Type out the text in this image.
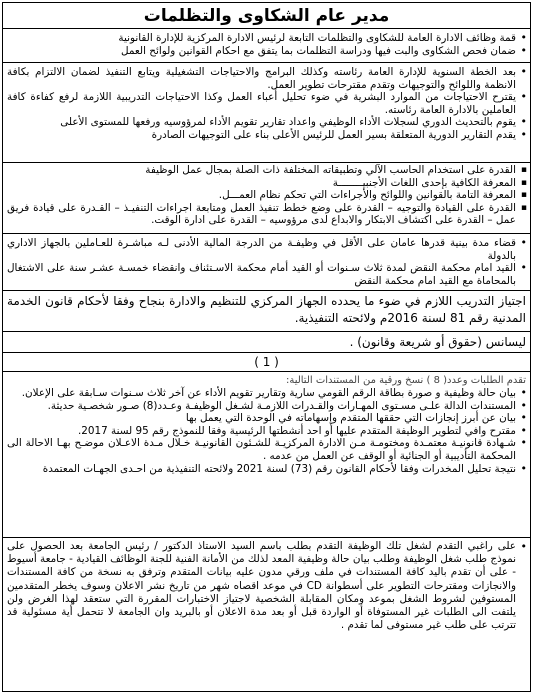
مدير عام الشكاوى والتظلمات
• قمة وظائف الادارة العامة للشكاوى والتظلمات التابعة لرئيس الادارة المركزية للإدارة القانونية
• ضمان فحص الشكاوى والبت فيها ودراسة التظلمات بما يتفق مع احكام القوانين ولوائح العمل
• بعد الخطة السنوية للإدارة العامة رئاسته وكذلك البرامج والاحتياجات التشغيلية ويتابع التنفيذ لضمان الالتزام بكافة الانظمة واللوائح والتوجيهات وتقدم مقترحات تطوير العمل.
• يقترح الاحتياجات من الموارد البشرية في ضوء تحليل أعباء العمل وكذا الاحتياجات التدريبية اللازمة لرفع كفاءة كافة العاملين بالادارة العامة رئاسته.
• يقوم بالتحديث الدوري لسجلات الأداء الوظيفي واعداد تقارير تقويم الأداء لمرؤوسيه ورفعها للمستوى الأعلى
• يقدم التقارير الدورية المتعلقة بسير العمل للرئيس الأعلى بناء على التوجيهات الصادرة
▪ القدرة على استخدام الحاسب الآلي وتطبيقاته المختلفة ذات الصلة بمجال عمل الوظيفة
▪ المعرفة الكافية بإحدى اللغات الأجنبيــــــــة
▪ المعرفة التامة بالقوانين واللوائح والأجراءات التي تحكم نظام العمـــل.
▪ القدرة على القيادة والتوجيه – القدرة على وضع خطط تنفيذ العمل ومتابعة اجراءات التنفيـذ – القـدرة على قيادة فريق عمل – القدرة على اكتشاف الابتكار والابداع لدى مرؤوسيه – القدرة على ادارة الوقت.
• قضاء مدة بينية قدرها عامان على الأقل في وظيفـة من الدرجة المالية الأدنى لـه مباشـرة للعـاملين بالجهاز الاداري بالدولة
• القيد امام محكمة النقض لمدة ثلاث سـنوات أو القيد أمام محكمة الاسـتئناف وانقضاء خمسـة عشـر سنة على الاشتغال بالمحاماة مع القيد امام محكمة النقض
اجتياز التدريب اللازم في ضوء ما يحدده الجهاز المركزي للتنظيم والادارة بنجاح وفقا لأحكام قانون الخدمة المدنية رقم 81 لسنة 2016م ولائحته التنفيذية.
ليسانس (حقوق أو شريعة وقانون) .
( 1 )
تقدم الطلبات وعدد( 8 ) نسخ ورقية من المستندات التالية:
• بيان حالة وظيفية و صورة بطاقة الرقم القومي سارية وتقارير تقويم الأداء عن آخر ثلاث سـنوات سـابقة على الإعلان.
• المستندات الدالة علـى مسـتوى المهـارات والقـدرات اللازمـة لشـغل الوظيفـة وعـدد(8) صـور شخصـية حديثة.
• بيان عن أبرز إنجازات التي حققها المتقدم وإسهاماته في الوحدة التي يعمل بها
• مقترح وافي لتطوير الوظيفة المتقدم عليها أو احد أنشطتها الرئيسية وفقا للنموذج رقم 95 لسنة 2017.
• شـهادة قانونيـة معتمـدة ومختومـة مـن الادارة المركزيـة للشـئون القانونيـة خـلال مـدة الاعـلان موضـح بهـا الاحالة الى المحكمة التأديبية أو الجنائية أو الوقف عن العمل من عدمه .
• نتيجة تحليل المخدرات وفقا لأحكام القانون رقم (73) لسنة 2021 ولائحته التنفيذية من احـدى الجهـات المعتمدة
• على راغبي التقدم لشغل تلك الوظيفة التقدم بطلب باسم السيد الاستاذ الدكتور / رئيس الجامعة بعد الحصول على نموذج طلب شغل الوظيفة وطلب بيان حالة وظيفية المعد لذلك من الأمانة الفنية للجنة الوظائف القيادية - جامعة أسيوط - على أن تقدم باليد كافة المستندات في ملف ورقي مدون عليه بيانات المتقدم وترفق به نسخة من كافة المستندات والانجازات ومقترحات التطوير على أسطوانة CD في موعد اقصاه شهر من تاريخ نشر الاعلان وسوف يخطر المتقدمين المستوفين لشروط الشغل بموعد ومكان المقابلة الشخصية لاجتياز الاختبارات المقررة التي ستعقد لهذا الغرض ولن يلتفت الى الطلبات غير المستوفاة أو الواردة قبل أو بعد مدة الاعلان أو بالبريد وان الجامعة لا تتحمل أية مسئولية قد تترتب على طلب غير مستوفى لما تقدم .
